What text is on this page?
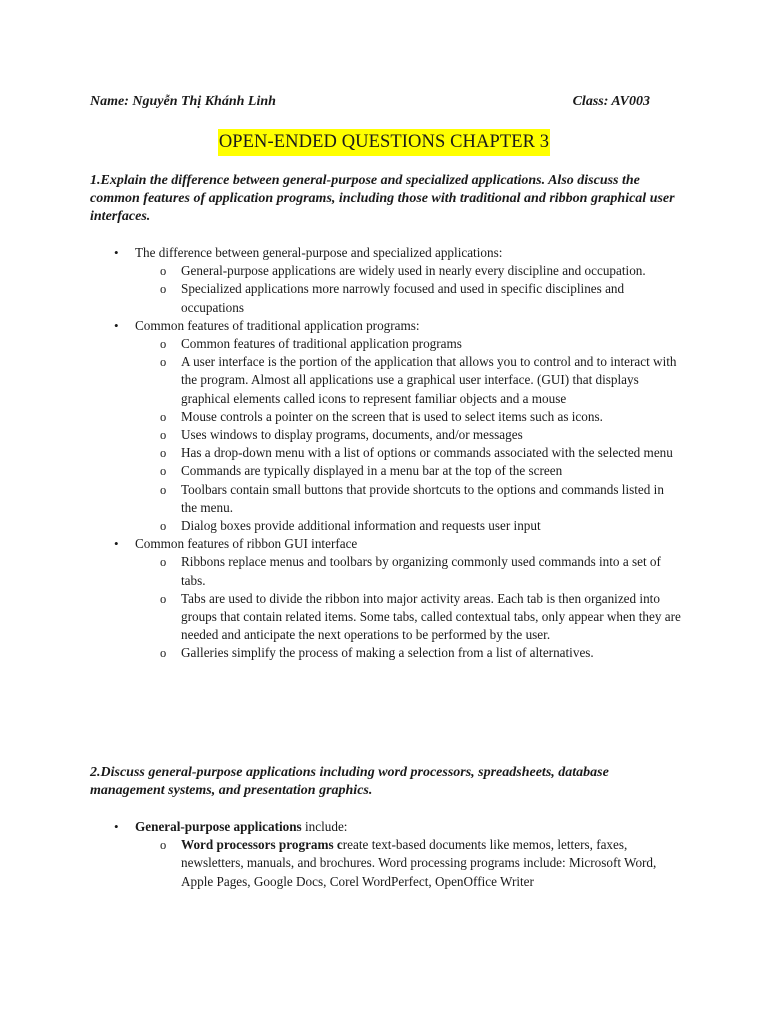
Name: Nguyễn Thị Khánh Linh	Class: AV003
OPEN-ENDED QUESTIONS CHAPTER 3
1.Explain the difference between general-purpose and specialized applications. Also discuss the common features of application programs, including those with traditional and ribbon graphical user interfaces.
• The difference between general-purpose and specialized applications:
o General-purpose applications are widely used in nearly every discipline and occupation.
o Specialized applications more narrowly focused and used in specific disciplines and occupations
• Common features of traditional application programs:
o Common features of traditional application programs
o A user interface is the portion of the application that allows you to control and to interact with the program. Almost all applications use a graphical user interface. (GUI) that displays graphical elements called icons to represent familiar objects and a mouse
o Mouse controls a pointer on the screen that is used to select items such as icons.
o Uses windows to display programs, documents, and/or messages
o Has a drop-down menu with a list of options or commands associated with the selected menu
o Commands are typically displayed in a menu bar at the top of the screen
o Toolbars contain small buttons that provide shortcuts to the options and commands listed in the menu.
o Dialog boxes provide additional information and requests user input
• Common features of ribbon GUI interface
o Ribbons replace menus and toolbars by organizing commonly used commands into a set of tabs.
o Tabs are used to divide the ribbon into major activity areas. Each tab is then organized into groups that contain related items. Some tabs, called contextual tabs, only appear when they are needed and anticipate the next operations to be performed by the user.
o Galleries simplify the process of making a selection from a list of alternatives.
2.Discuss general-purpose applications including word processors, spreadsheets, database management systems, and presentation graphics.
• General-purpose applications include:
o Word processors programs create text-based documents like memos, letters, faxes, newsletters, manuals, and brochures. Word processing programs include: Microsoft Word, Apple Pages, Google Docs, Corel WordPerfect, OpenOffice Writer
